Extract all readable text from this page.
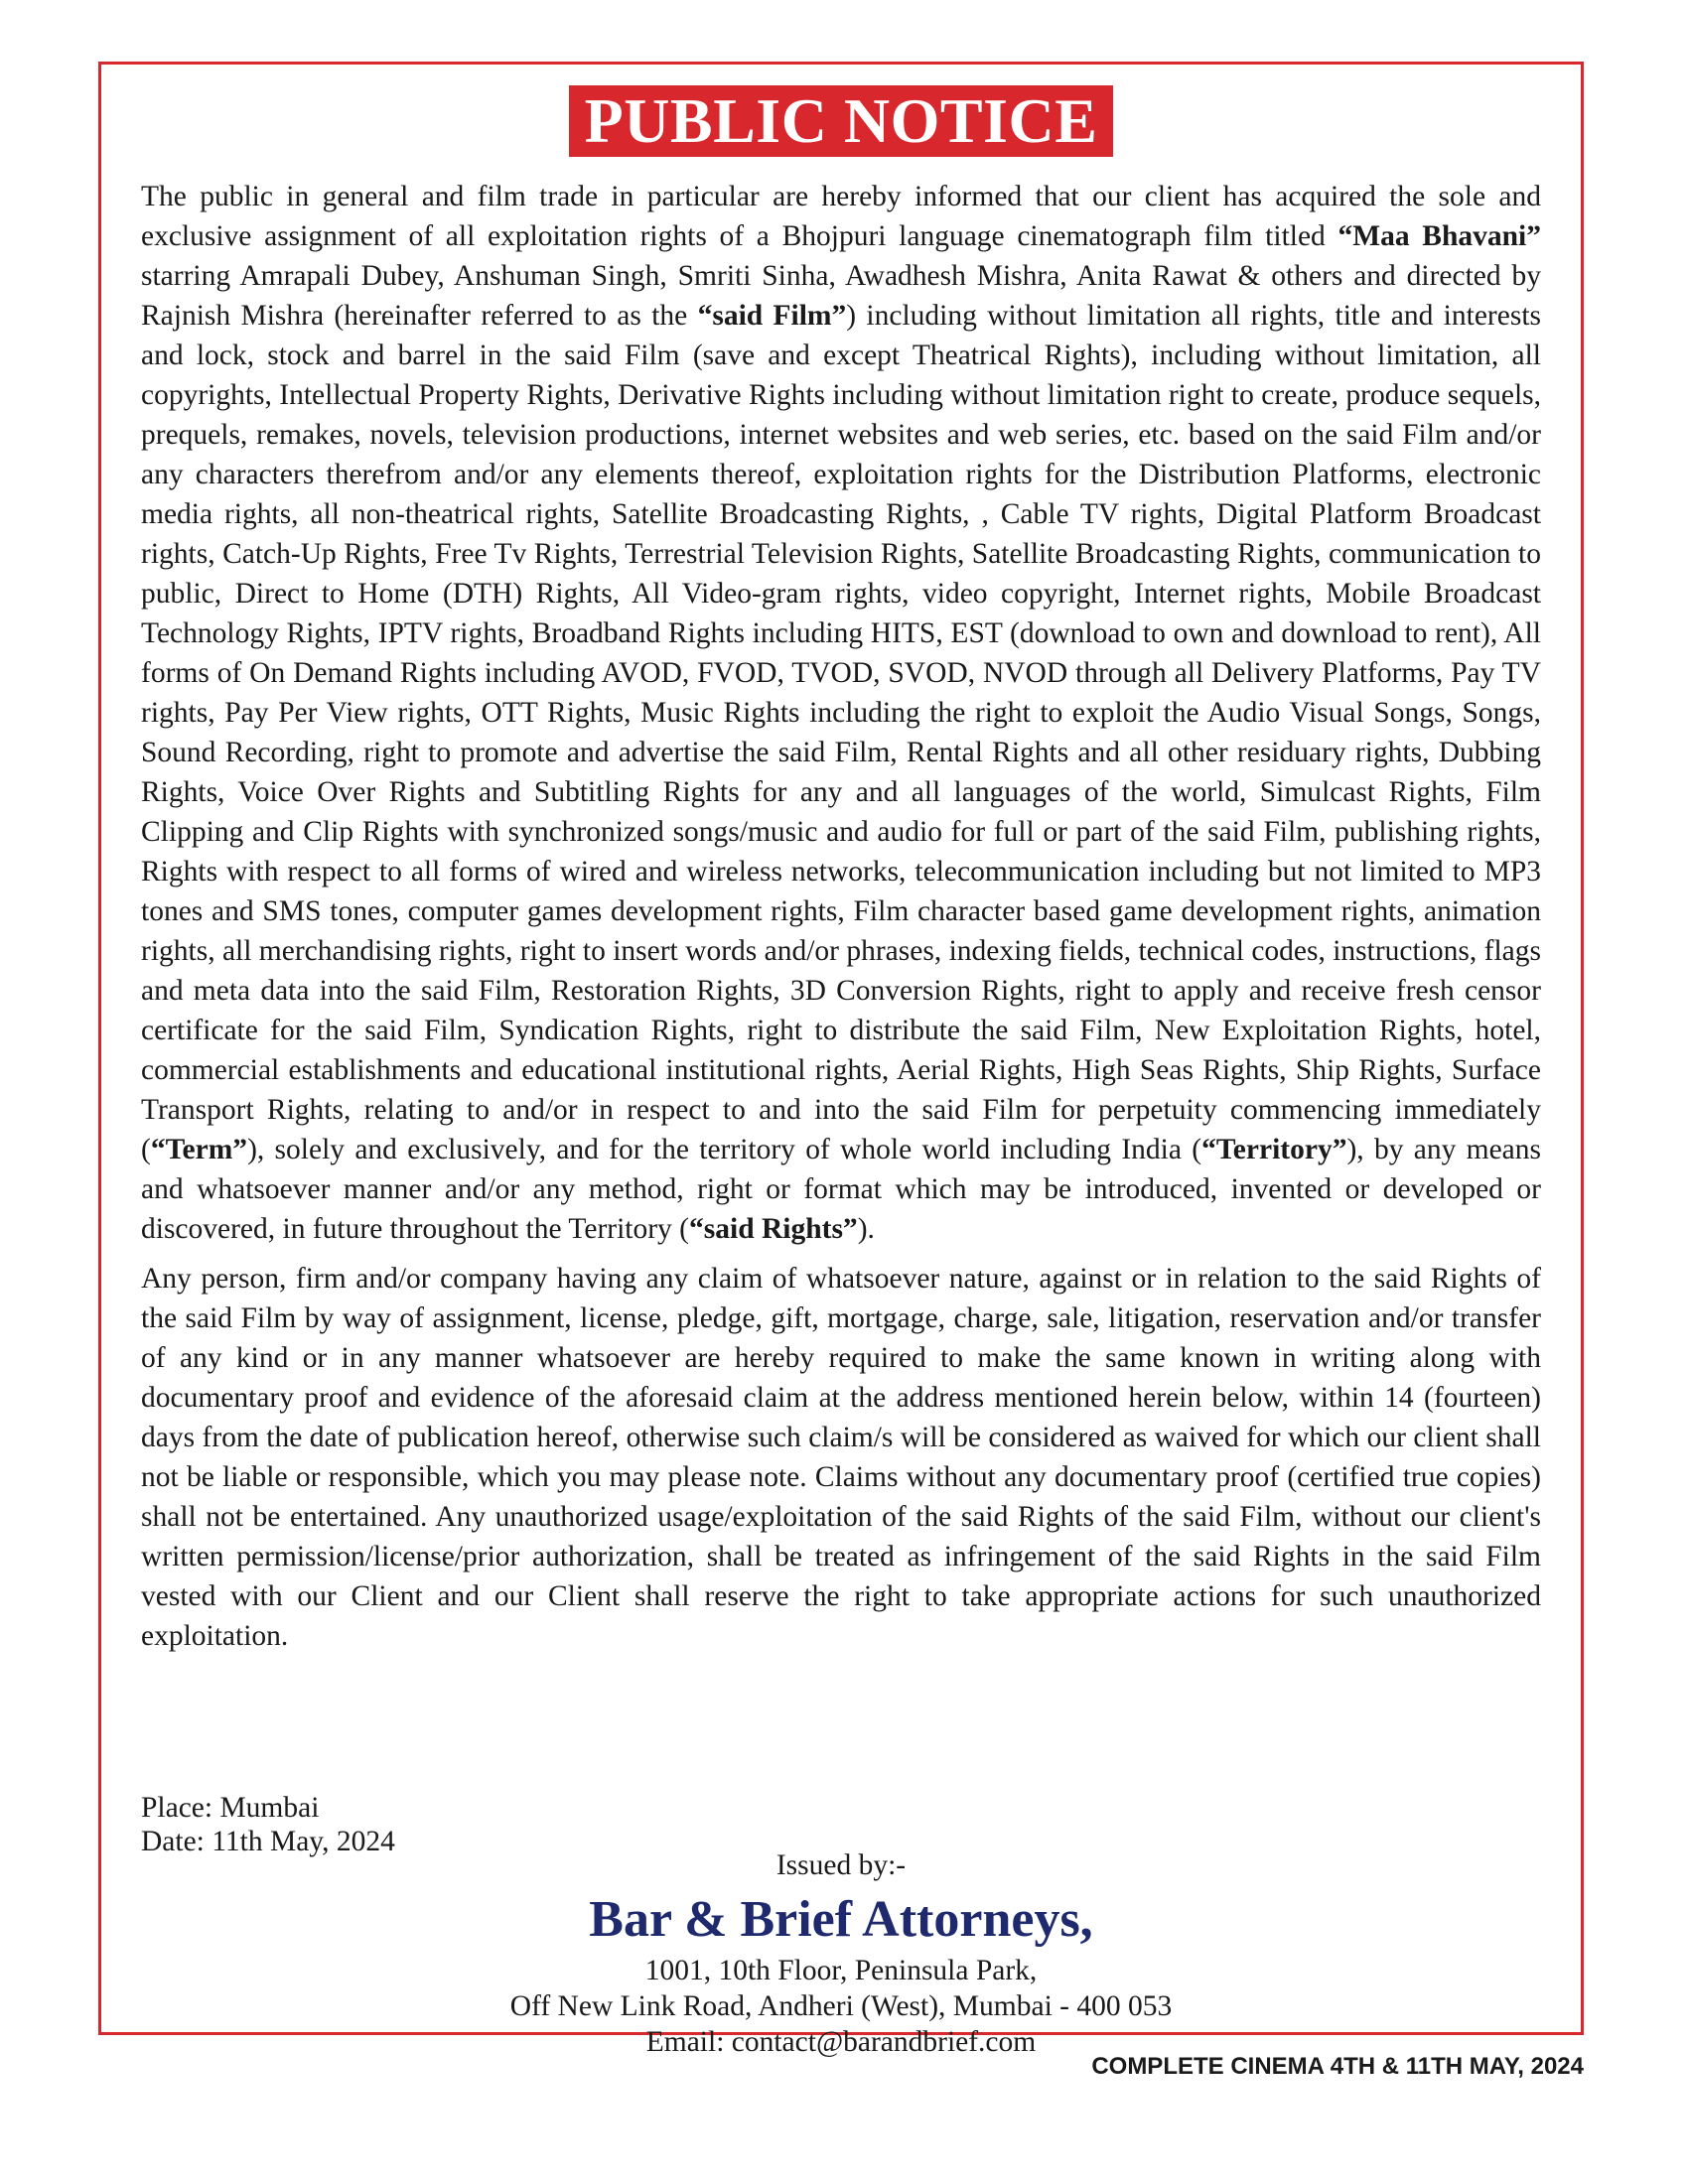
PUBLIC NOTICE

The public in general and film trade in particular are hereby informed that our client has acquired the sole and exclusive assignment of all exploitation rights of a Bhojpuri language cinematograph film titled “Maa Bhavani” starring Amrapali Dubey, Anshuman Singh, Smriti Sinha, Awadhesh Mishra, Anita Rawat & others and directed by Rajnish Mishra (hereinafter referred to as the “said Film”) including without limitation all rights, title and interests and lock, stock and barrel in the said Film (save and except Theatrical Rights), including without limitation, all copyrights, Intellectual Property Rights, Derivative Rights including without limitation right to create, produce sequels, prequels, remakes, novels, television productions, internet websites and web series, etc. based on the said Film and/or any characters therefrom and/or any elements thereof, exploitation rights for the Distribution Platforms, electronic media rights, all non-theatrical rights, Satellite Broadcasting Rights, , Cable TV rights, Digital Platform Broadcast rights, Catch-Up Rights, Free Tv Rights, Terrestrial Television Rights, Satellite Broadcasting Rights, communication to public, Direct to Home (DTH) Rights, All Video-gram rights, video copyright, Internet rights, Mobile Broadcast Technology Rights, IPTV rights, Broadband Rights including HITS, EST (download to own and download to rent), All forms of On Demand Rights including AVOD, FVOD, TVOD, SVOD, NVOD through all Delivery Platforms, Pay TV rights, Pay Per View rights, OTT Rights, Music Rights including the right to exploit the Audio Visual Songs, Songs, Sound Recording, right to promote and advertise the said Film, Rental Rights and all other residuary rights, Dubbing Rights, Voice Over Rights and Subtitling Rights for any and all languages of the world, Simulcast Rights, Film Clipping and Clip Rights with synchronized songs/music and audio for full or part of the said Film, publishing rights, Rights with respect to all forms of wired and wireless networks, telecommunication including but not limited to MP3 tones and SMS tones, computer games development rights, Film character based game development rights, animation rights, all merchandising rights, right to insert words and/or phrases, indexing fields, technical codes, instructions, flags and meta data into the said Film, Restoration Rights, 3D Conversion Rights, right to apply and receive fresh censor certificate for the said Film, Syndication Rights, right to distribute the said Film, New Exploitation Rights, hotel, commercial establishments and educational institutional rights, Aerial Rights, High Seas Rights, Ship Rights, Surface Transport Rights, relating to and/or in respect to and into the said Film for perpetuity commencing immediately (“Term”), solely and exclusively, and for the territory of whole world including India (“Territory”), by any means and whatsoever manner and/or any method, right or format which may be introduced, invented or developed or discovered, in future throughout the Territory (“said Rights”).

Any person, firm and/or company having any claim of whatsoever nature, against or in relation to the said Rights of the said Film by way of assignment, license, pledge, gift, mortgage, charge, sale, litigation, reservation and/or transfer of any kind or in any manner whatsoever are hereby required to make the same known in writing along with documentary proof and evidence of the aforesaid claim at the address mentioned herein below, within 14 (fourteen) days from the date of publication hereof, otherwise such claim/s will be considered as waived for which our client shall not be liable or responsible, which you may please note. Claims without any documentary proof (certified true copies) shall not be entertained. Any unauthorized usage/exploitation of the said Rights of the said Film, without our client's written permission/license/prior authorization, shall be treated as infringement of the said Rights in the said Film vested with our Client and our Client shall reserve the right to take appropriate actions for such unauthorized exploitation.

Place: Mumbai
Date: 11th May, 2024
Issued by:-
Bar & Brief Attorneys,
1001, 10th Floor, Peninsula Park,
Off New Link Road, Andheri (West), Mumbai - 400 053
Email: contact@barandbrief.com
COMPLETE CINEMA 4TH & 11TH MAY, 2024
